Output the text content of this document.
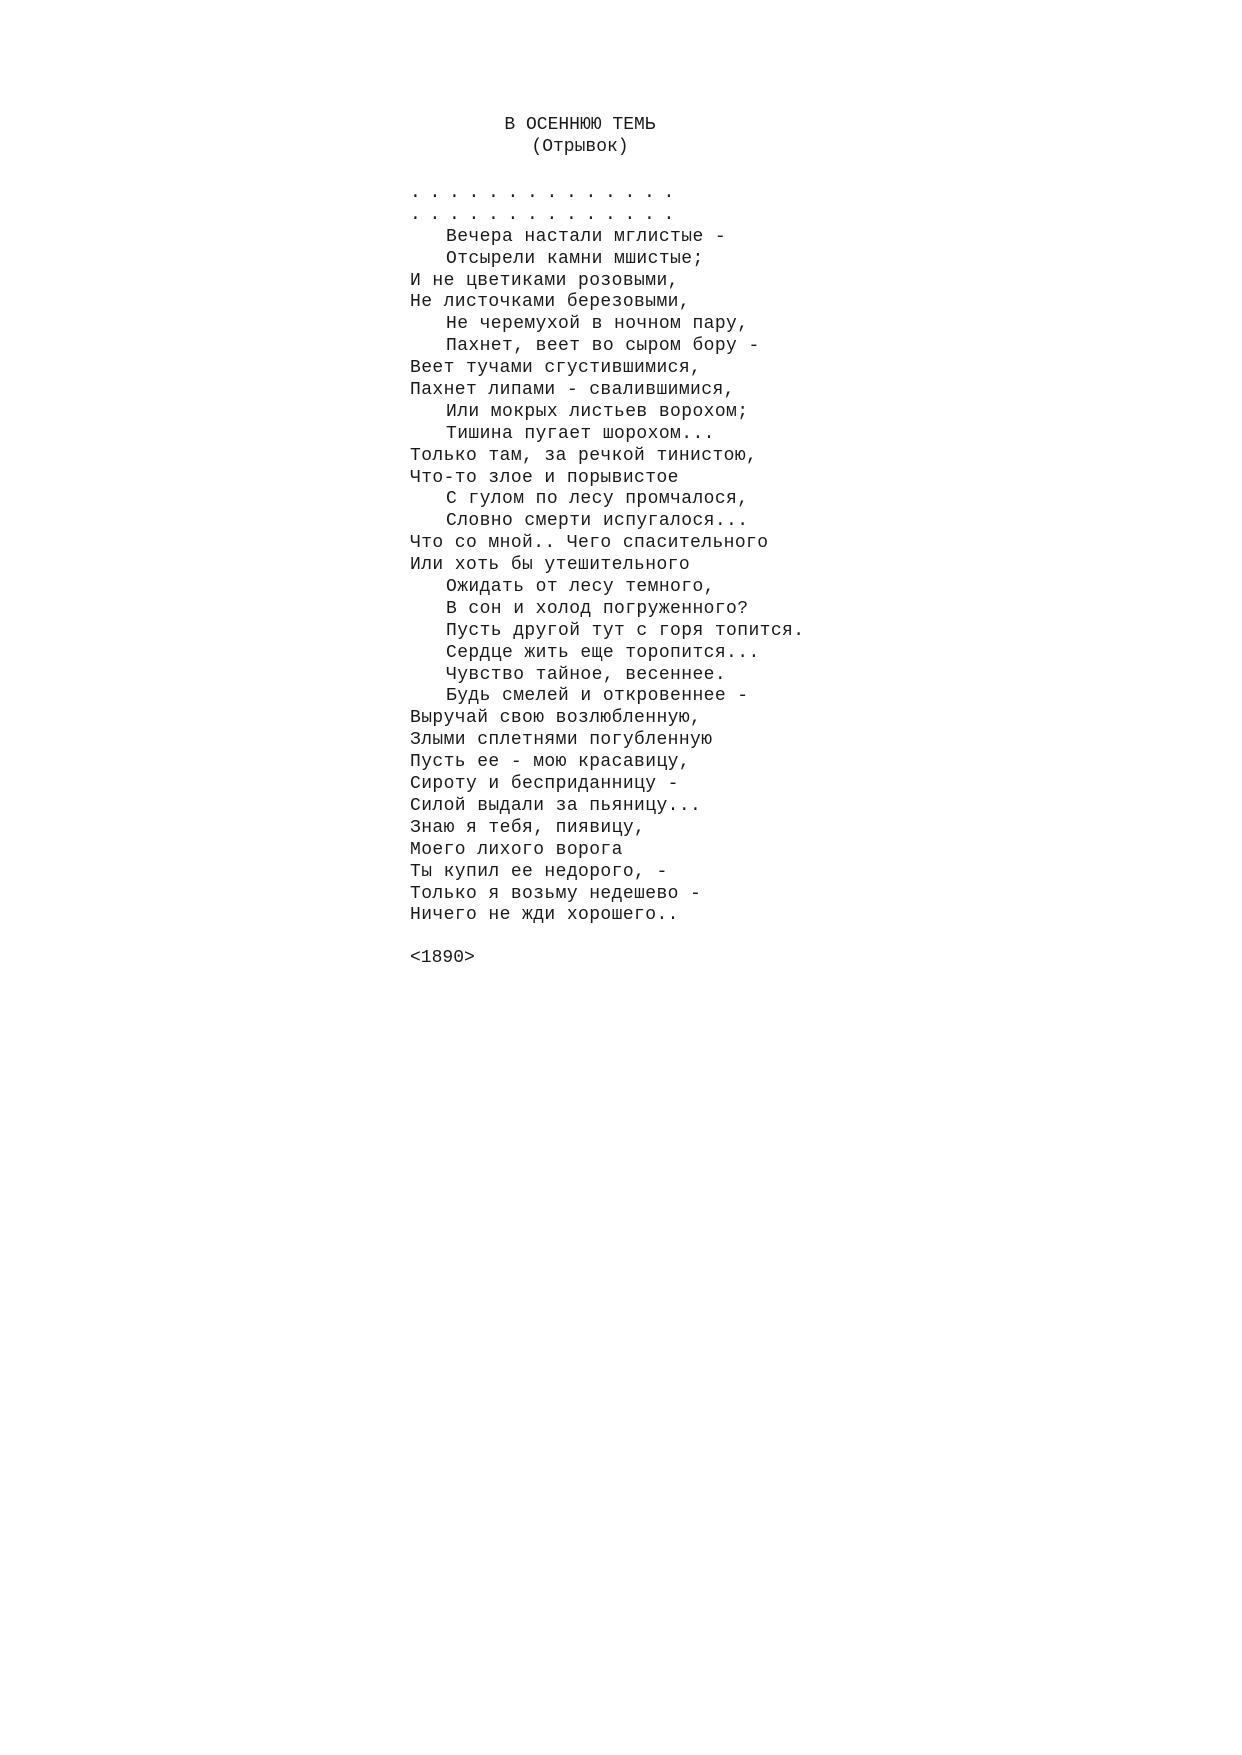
В ОСЕННЮЮ ТЕМЬ
(Отрывок)
..............
..............
Вечера настали мглистые -
Отсырели камни мшистые;
И не цветиками розовыми,
Не листочками березовыми,
Не черемухой в ночном пару,
Пахнет, веет во сыром бору -
Веет тучами сгустившимися,
Пахнет липами - свалившимися,
Или мокрых листьев ворохом;
Тишина пугает шорохом...
Только там, за речкой тинистою,
Что-то злое и порывистое
С гулом по лесу промчалося,
Словно смерти испугалося...
Что со мной.. Чего спасительного
Или хоть бы утешительного
Ожидать от лесу темного,
В сон и холод погруженного?
Пусть другой тут с горя топится.
Сердце жить еще торопится...
Чувство тайное, весеннее.
Будь смелей и откровеннее -
Выручай свою возлюбленную,
Злыми сплетнями погубленную
Пусть ее - мою красавицу,
Сироту и бесприданницу -
Силой выдали за пьяницу...
Знаю я тебя, пиявицу,
Моего лихого ворога
Ты купил ее недорого, -
Только я возьму недешево -
Ничего не жди хорошего..
<1890>
